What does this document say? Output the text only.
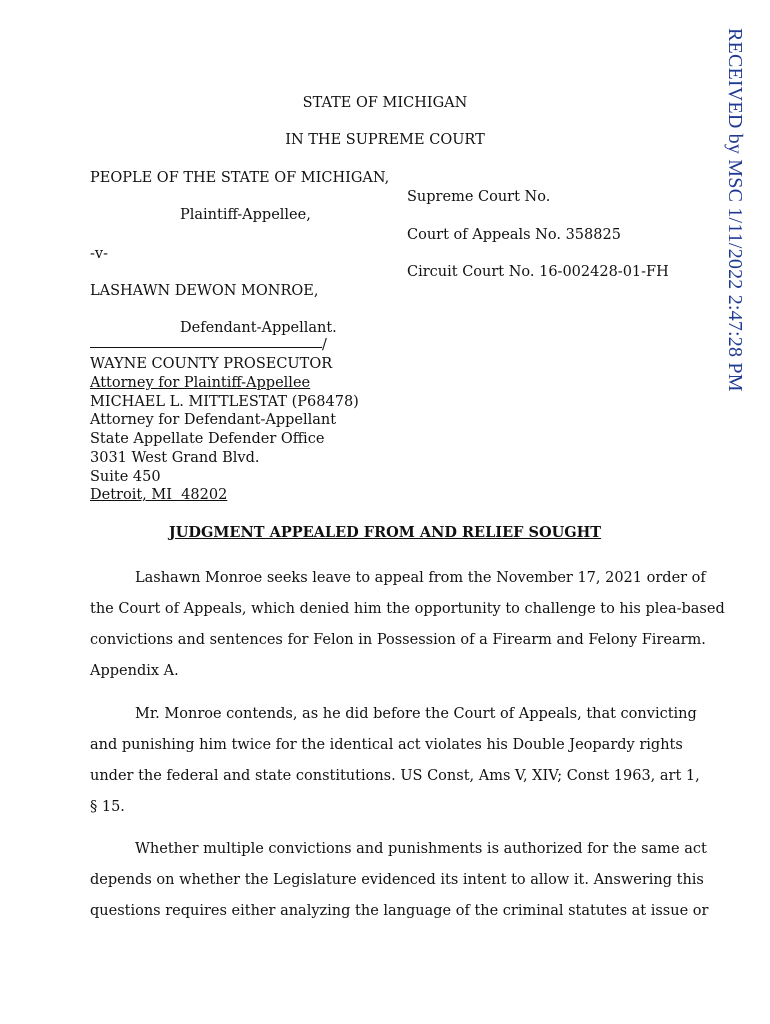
RECEIVED by MSC 1/11/2022 2:47:28 PM
STATE OF MICHIGAN
IN THE SUPREME COURT
PEOPLE OF THE STATE OF MICHIGAN,
Plaintiff-Appellee,
-v-
LASHAWN DEWON MONROE,
Defendant-Appellant.
/
Supreme Court No.
Court of Appeals No. 358825
Circuit Court No. 16-002428-01-FH
WAYNE COUNTY PROSECUTOR
Attorney for Plaintiff-Appellee
MICHAEL L. MITTLESTAT (P68478)
Attorney for Defendant-Appellant
State Appellate Defender Office
3031 West Grand Blvd.
Suite 450
Detroit, MI  48202
JUDGMENT APPEALED FROM AND RELIEF SOUGHT
Lashawn Monroe seeks leave to appeal from the November 17, 2021 order of
the Court of Appeals, which denied him the opportunity to challenge to his plea-based
convictions and sentences for Felon in Possession of a Firearm and Felony Firearm.
Appendix A.
Mr. Monroe contends, as he did before the Court of Appeals, that convicting
and punishing him twice for the identical act violates his Double Jeopardy rights
under the federal and state constitutions. US Const, Ams V, XIV; Const 1963, art 1,
§ 15.
Whether multiple convictions and punishments is authorized for the same act
depends on whether the Legislature evidenced its intent to allow it. Answering this
questions requires either analyzing the language of the criminal statutes at issue or
